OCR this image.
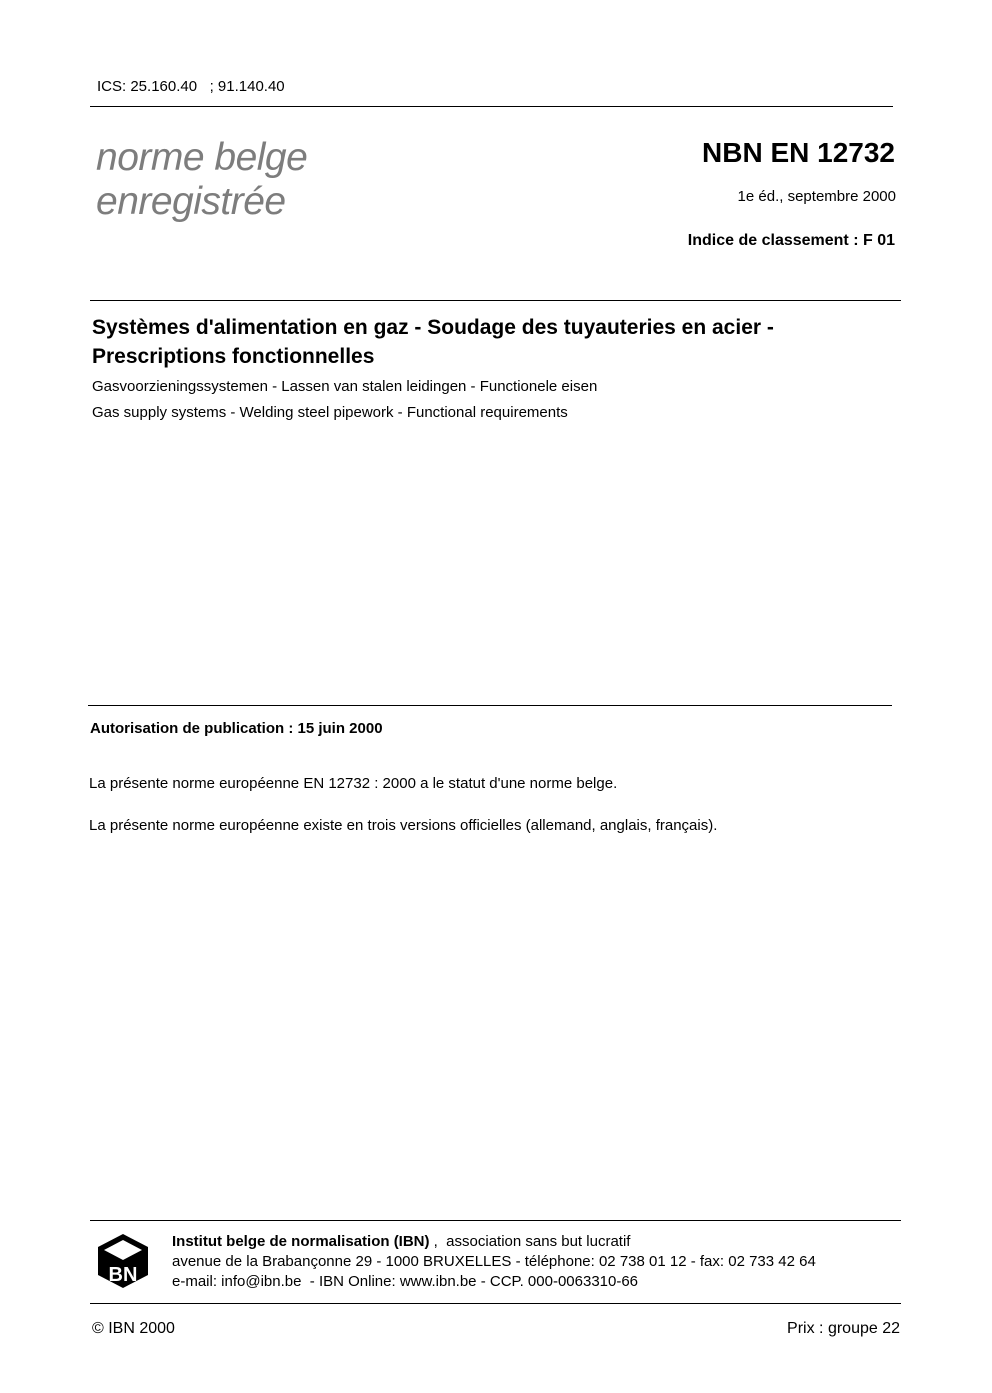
ICS: 25.160.40   ; 91.140.40
norme belge
enregistrée
NBN EN 12732
1e éd., septembre 2000
Indice de classement : F 01
Systèmes d'alimentation en gaz - Soudage des tuyauteries en acier -
Prescriptions fonctionnelles
Gasvoorzieningssystemen - Lassen van stalen leidingen - Functionele eisen
Gas supply systems - Welding steel pipework - Functional requirements
Autorisation de publication : 15 juin 2000
La présente norme européenne EN 12732 : 2000 a le statut d'une norme belge.
La présente norme européenne existe en trois versions officielles (allemand, anglais, français).
BN
Institut belge de normalisation (IBN) ,  association sans but lucratif
avenue de la Brabançonne 29 - 1000 BRUXELLES - téléphone: 02 738 01 12 - fax: 02 733 42 64
e-mail: info@ibn.be  - IBN Online: www.ibn.be - CCP. 000-0063310-66
© IBN 2000	Prix : groupe 22
